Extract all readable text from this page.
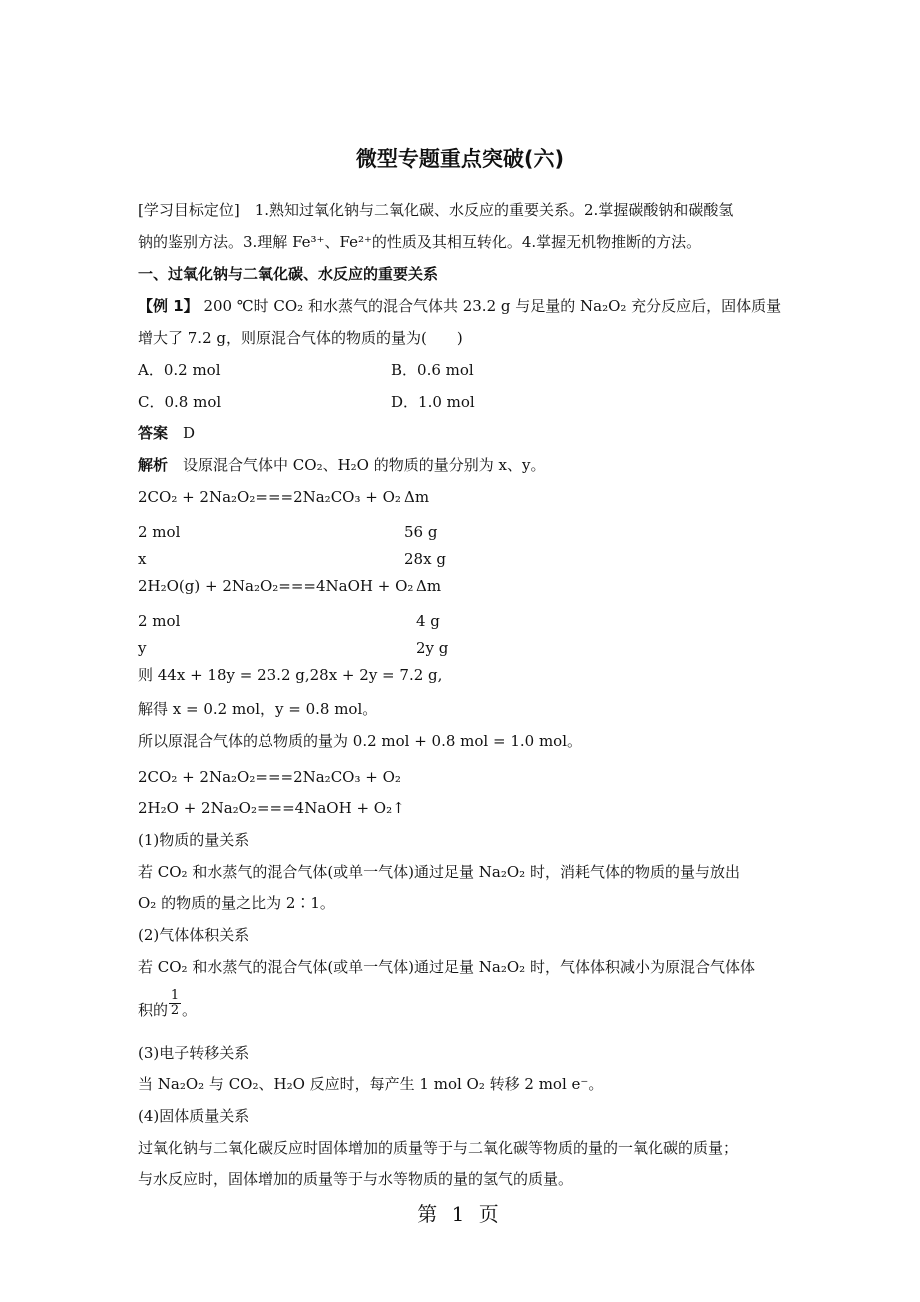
微型专题重点突破(六)

[学习目标定位]　1.熟知过氧化钠与二氧化碳、水反应的重要关系。2.掌握碳酸钠和碳酸氢

钠的鉴别方法。3.理解 Fe³⁺、Fe²⁺的性质及其相互转化。4.掌握无机物推断的方法。

一、过氧化钠与二氧化碳、水反应的重要关系

【例 1】 200 ℃时 CO₂ 和水蒸气的混合气体共 23.2 g 与足量的 Na₂O₂ 充分反应后，固体质量

增大了 7.2 g，则原混合气体的物质的量为(　　)

A．0.2 mol	B．0.6 mol

C．0.8 mol	D．1.0 mol

答案　 D

解析　 设原混合气体中 CO₂、H₂O 的物质的量分别为 x、y。

2CO₂ + 2Na₂O₂===2Na₂CO₃ + O₂ Δm

2 mol	56 g

x	28x g

2H₂O(g) + 2Na₂O₂===4NaOH + O₂ Δm

2 mol	4 g

y	2y g

则 44x + 18y = 23.2 g,28x + 2y = 7.2 g,

解得 x = 0.2 mol，y = 0.8 mol。

所以原混合气体的总物质的量为 0.2 mol + 0.8 mol = 1.0 mol。

2CO₂ + 2Na₂O₂===2Na₂CO₃ + O₂

2H₂O + 2Na₂O₂===4NaOH + O₂↑

(1)物质的量关系

若 CO₂ 和水蒸气的混合气体(或单一气体)通过足量 Na₂O₂ 时，消耗气体的物质的量与放出

O₂ 的物质的量之比为 2∶1。

(2)气体体积关系

若 CO₂ 和水蒸气的混合气体(或单一气体)通过足量 Na₂O₂ 时，气体体积减小为原混合气体体

积的 $\frac{1}{2}$ 。

(3)电子转移关系

当 Na₂O₂ 与 CO₂、H₂O 反应时，每产生 1 mol O₂ 转移 2 mol e⁻。

(4)固体质量关系

过氧化钠与二氧化碳反应时固体增加的质量等于与二氧化碳等物质的量的一氧化碳的质量；

与水反应时，固体增加的质量等于与水等物质的量的氢气的质量。

第 1 页
